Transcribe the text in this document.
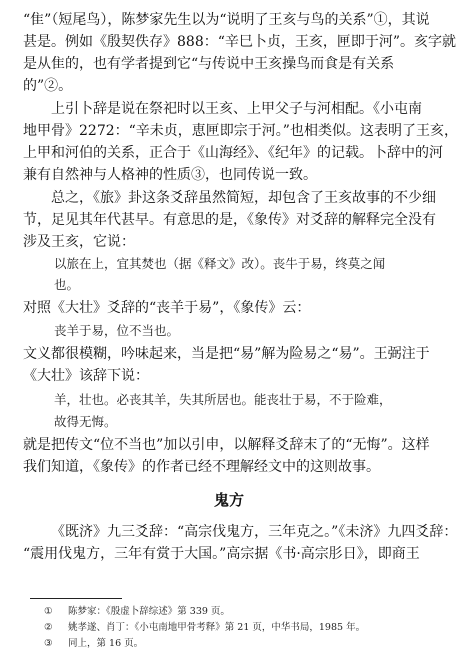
“隹”（短尾鸟），陈梦家先生以为“说明了王亥与鸟的关系”①，其说
甚是。例如《殷契佚存》888：“辛巳卜贞，王亥，匣即于河”。亥字就
是从隹的，也有学者提到它“与传说中王亥操鸟而食是有关系
的”②。
上引卜辞是说在祭祀时以王亥、上甲父子与河相配。《小屯南
地甲骨》2272：“辛未贞，恵匣即宗于河。”也相类似。这表明了王亥，
上甲和河伯的关系，正合于《山海经》、《纪年》的记载。卜辞中的河
兼有自然神与人格神的性质③，也同传说一致。
总之，《旅》卦这条爻辞虽然简短，却包含了王亥故事的不少细
节，足见其年代甚早。有意思的是，《象传》对爻辞的解释完全没有
涉及王亥，它说：
以旅在上，宜其焚也（据《释文》改）。丧牛于易，终莫之闻
也。
对照《大壮》爻辞的“丧羊于易”，《象传》云：
丧羊于易，位不当也。
文义都很模糊，吟味起来，当是把“易”解为险易之“易”。王弼注于
《大壮》该辞下说：
羊，壮也。必丧其羊，失其所居也。能丧壮于易，不于险难，
故得无悔。
就是把传文“位不当也”加以引申，以解释爻辞末了的“无悔”。这样
我们知道，《象传》的作者已经不理解经文中的这则故事。
鬼方
《既济》九三爻辞：“高宗伐鬼方，三年克之。”《未济》九四爻辞：
“震用伐鬼方，三年有赏于大国。”高宗据《书·高宗肜日》，即商王
① 陈梦家：《殷虚卜辞综述》第 339 页。
② 姚孝遂、肖丁：《小屯南地甲骨考释》第 21 页，中华书局，1985 年。
③ 同上，第 16 页。
